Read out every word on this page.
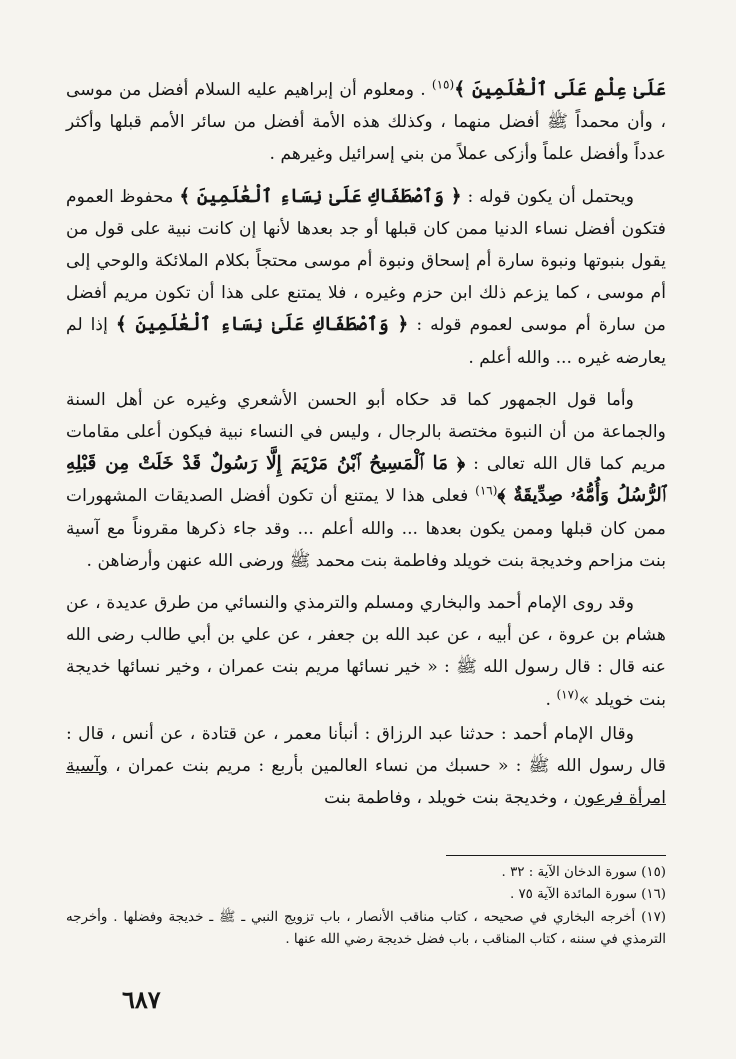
عَلَىٰ عِلْمٍ عَلَى ٱلْعَٰلَمِينَ ﴾$^{(١٥)}$ . ومعلوم أن إبراهيم عليه السلام أفضل من موسى ، وأن محمداً ﷺ أفضل منهما ، وكذلك هذه الأمة أفضل من سائر الأمم قبلها وأكثر عدداً وأفضل علماً وأزكى عملاً من بني إسرائيل وغيرهم .

ويحتمل أن يكون قوله : ﴿ وَٱصْطَفَاكِ عَلَىٰ نِسَاءِ ٱلْعَٰلَمِينَ ﴾ محفوظ العموم فتكون أفضل نساء الدنيا ممن كان قبلها أو جد بعدها لأنها إن كانت نبية على قول من يقول بنبوتها ونبوة سارة أم إسحاق ونبوة أم موسى محتجاً بكلام الملائكة والوحي إلى أم موسى ، كما يزعم ذلك ابن حزم وغيره ، فلا يمتنع على هذا أن تكون مريم أفضل من سارة أم موسى لعموم قوله : ﴿ وَٱصْطَفَاكِ عَلَىٰ نِسَاءِ ٱلْعَٰلَمِينَ ﴾ إذا لم يعارضه غيره ... والله أعلم .

وأما قول الجمهور كما قد حكاه أبو الحسن الأشعري وغيره عن أهل السنة والجماعة من أن النبوة مختصة بالرجال ، وليس في النساء نبية فيكون أعلى مقامات مريم كما قال الله تعالى : ﴿ مَا ٱلْمَسِيحُ ٱبْنُ مَرْيَمَ إِلَّا رَسُولٌ قَدْ خَلَتْ مِن قَبْلِهِ ٱلرُّسُلُ وَأُمُّهُۥ صِدِّيقَةٌ ﴾$^{(١٦)}$ فعلى هذا لا يمتنع أن تكون أفضل الصديقات المشهورات ممن كان قبلها وممن يكون بعدها ... والله أعلم ... وقد جاء ذكرها مقروناً مع آسية بنت مزاحم وخديجة بنت خويلد وفاطمة بنت محمد ﷺ ورضى الله عنهن وأرضاهن .

وقد روى الإمام أحمد والبخاري ومسلم والترمذي والنسائي من طرق عديدة ، عن هشام بن عروة ، عن أبيه ، عن عبد الله بن جعفر ، عن علي بن أبي طالب رضى الله عنه قال : قال رسول الله ﷺ : « خير نسائها مريم بنت عمران ، وخير نسائها خديجة بنت خويلد »$^{(١٧)}$ .

وقال الإمام أحمد : حدثنا عبد الرزاق : أنبأنا معمر ، عن قتادة ، عن أنس ، قال : قال رسول الله ﷺ : « حسبك من نساء العالمين بأربع : مريم بنت عمران ، وآسية امرأة فرعون ، وخديجة بنت خويلد ، وفاطمة بنت

(١٥) سورة الدخان الآية : ٣٢ .

(١٦) سورة المائدة الآية ٧٥ .

(١٧) أخرجه البخاري في صحيحه ، كتاب مناقب الأنصار ، باب تزويج النبي ـ ﷺ ـ خديجة وفضلها . وأخرجه الترمذي في سننه ، كتاب المناقب ، باب فضل خديجة رضي الله عنها .

٦٨٧
